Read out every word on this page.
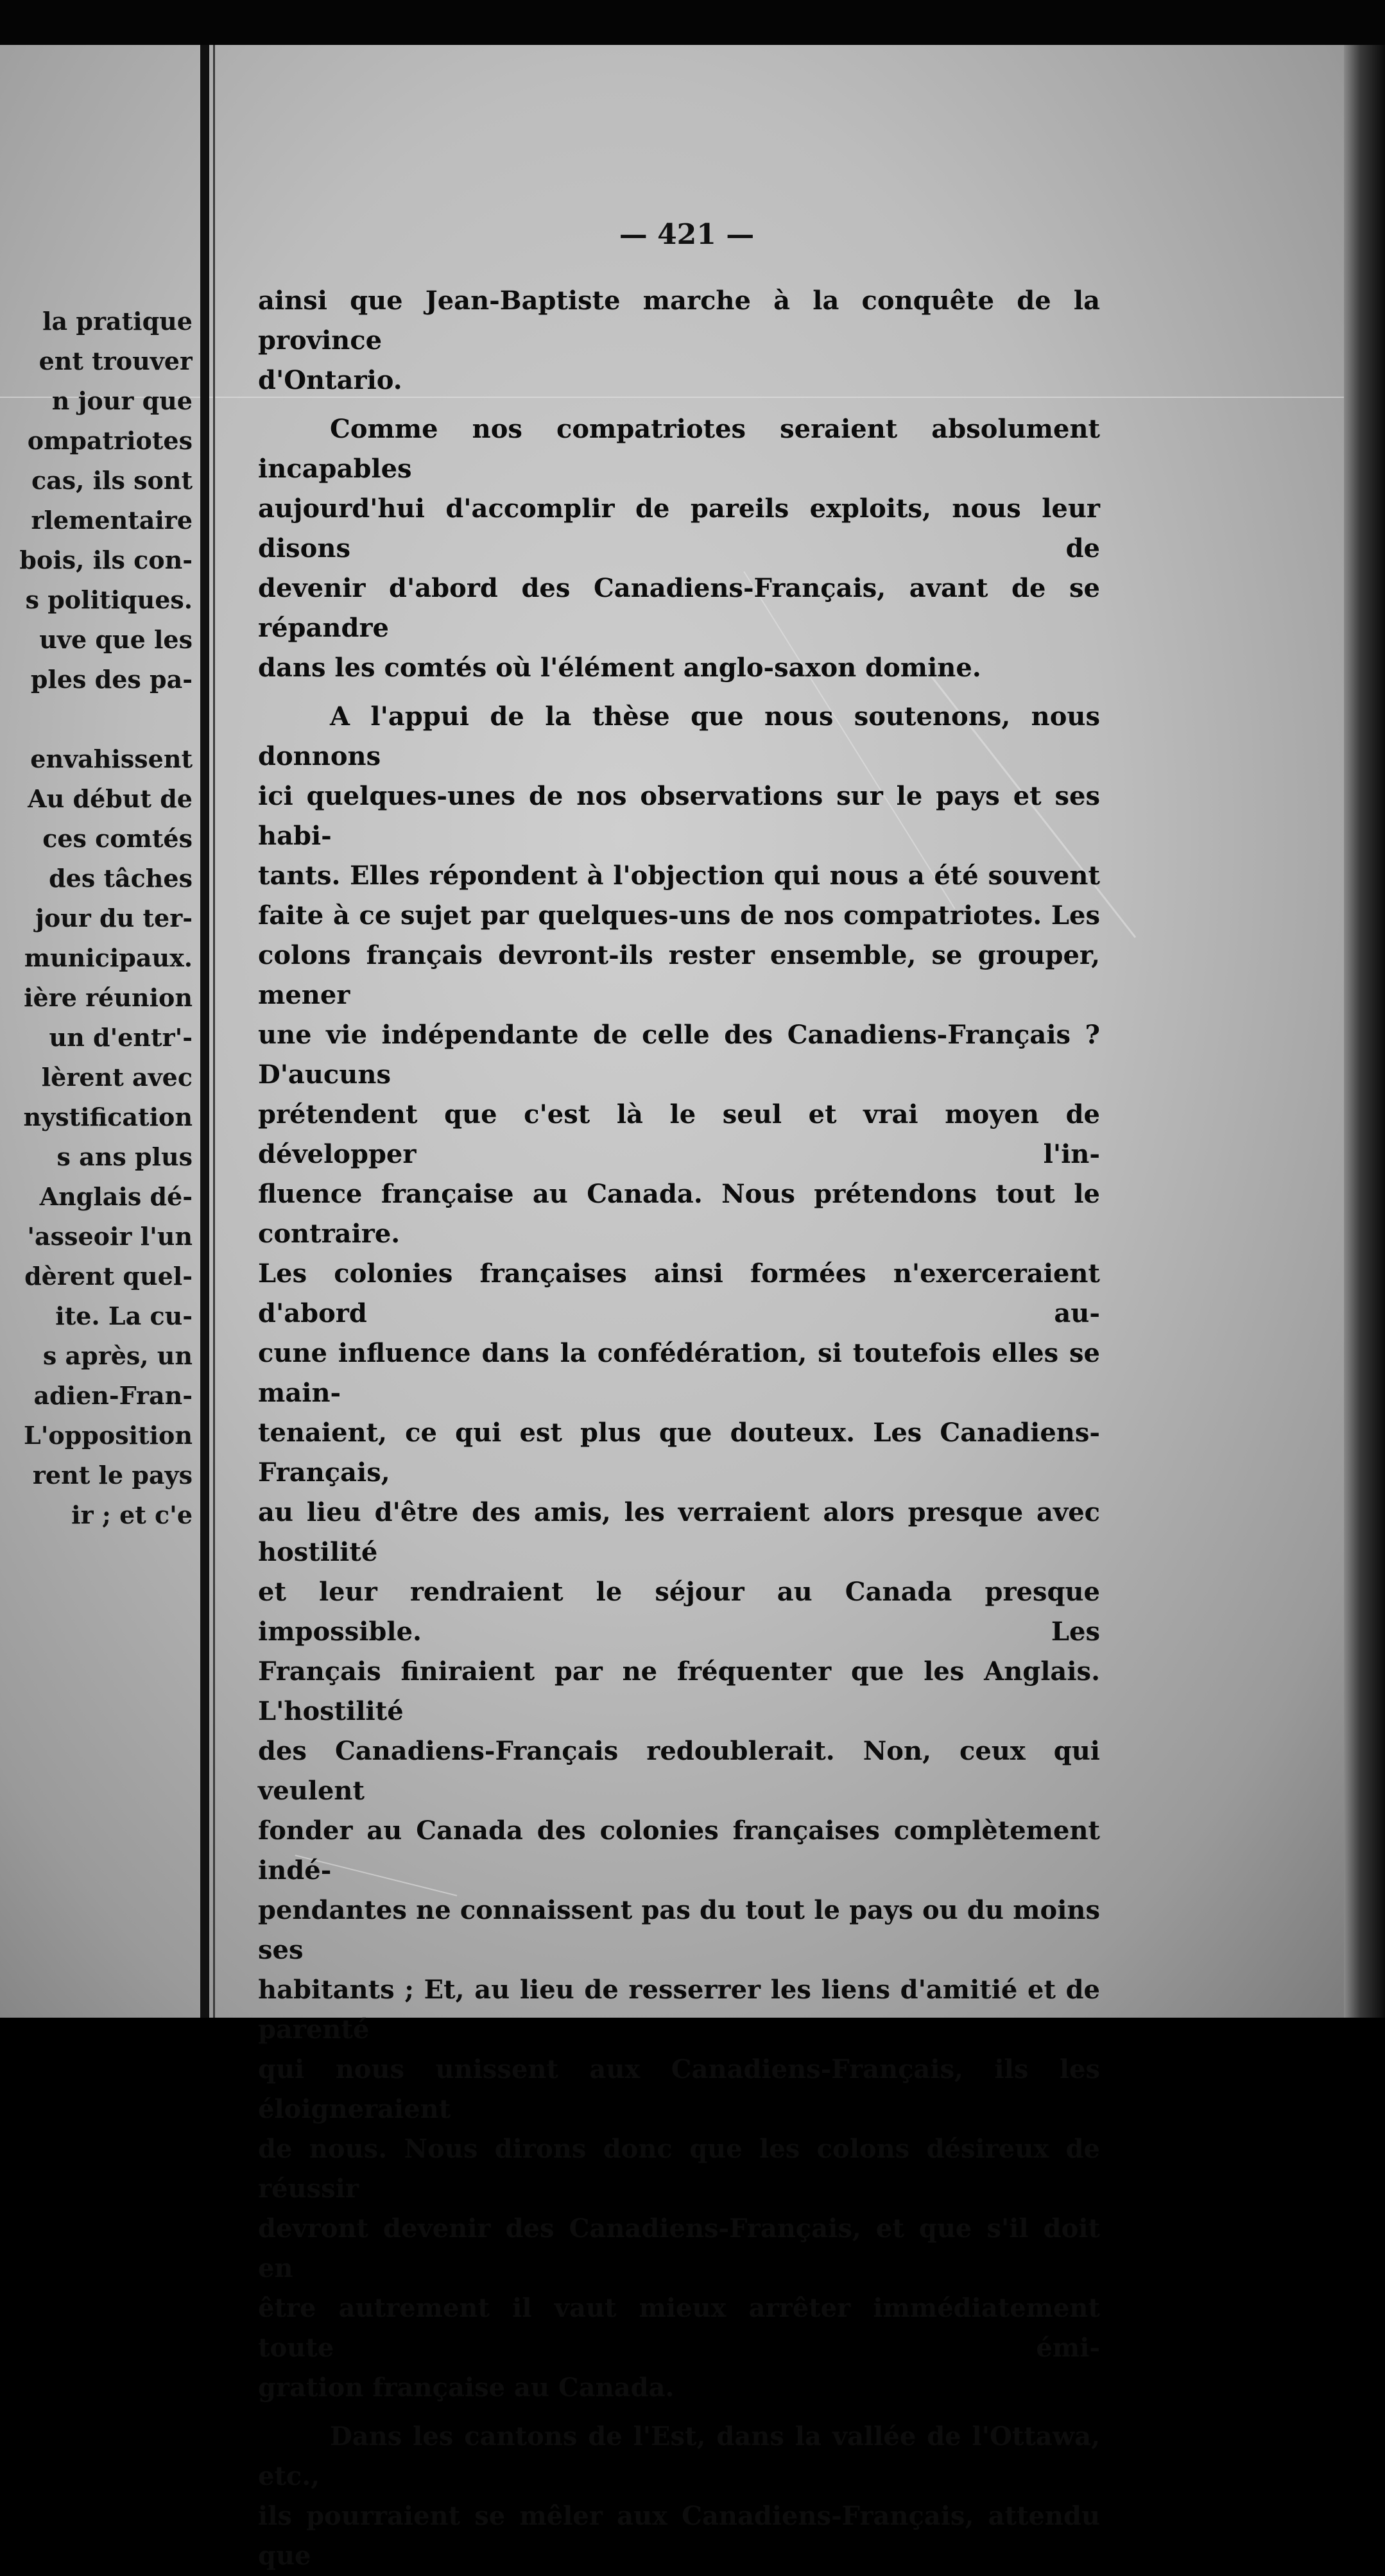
la pratique
ent trouver
n jour que
ompatriotes
cas, ils sont
rlementaire
bois, ils con-
s politiques.
uve que les
ples des pa-
envahissent
Au début de
ces comtés
des tâches
jour du ter-
municipaux.
ière réunion
un d'entr'-
lèrent avec
nystification
s ans plus
Anglais dé-
'asseoir l'un
dèrent quel-
ite. La cu-
s après, un
adien-Fran-
L'opposition
rent le pays
ir ; et c'e
— 421 —

ainsi que Jean-Baptiste marche à la conquête de la province

d'Ontario.

Comme nos compatriotes seraient absolument incapables

aujourd'hui d'accomplir de pareils exploits, nous leur disons de

devenir d'abord des Canadiens-Français, avant de se répandre

dans les comtés où l'élément anglo-saxon domine.

A l'appui de la thèse que nous soutenons, nous donnons

ici quelques-unes de nos observations sur le pays et ses habi-

tants. Elles répondent à l'objection qui nous a été souvent

faite à ce sujet par quelques-uns de nos compatriotes. Les

colons français devront-ils rester ensemble, se grouper, mener

une vie indépendante de celle des Canadiens-Français ? D'aucuns

prétendent que c'est là le seul et vrai moyen de développer l'in-

fluence française au Canada. Nous prétendons tout le contraire.

Les colonies françaises ainsi formées n'exerceraient d'abord au-

cune influence dans la confédération, si toutefois elles se main-

tenaient, ce qui est plus que douteux. Les Canadiens-Français,

au lieu d'être des amis, les verraient alors presque avec hostilité

et leur rendraient le séjour au Canada presque impossible. Les

Français finiraient par ne fréquenter que les Anglais. L'hostilité

des Canadiens-Français redoublerait. Non, ceux qui veulent

fonder au Canada des colonies françaises complètement indé-

pendantes ne connaissent pas du tout le pays ou du moins ses

habitants ; Et, au lieu de resserrer les liens d'amitié et de parenté

qui nous unissent aux Canadiens-Français, ils les éloigneraient

de nous. Nous dirons donc que les colons désireux de réussir

devront devenir des Canadiens-Français, et que s'il doit en

être autrement il vaut mieux arrêter immédiatement toute émi-

gration française au Canada.

Dans les cantons de l'Est, dans la vallée de l'Ottawa, etc.,

ils pourraient se mêler aux Canadiens-Français, attendu que
